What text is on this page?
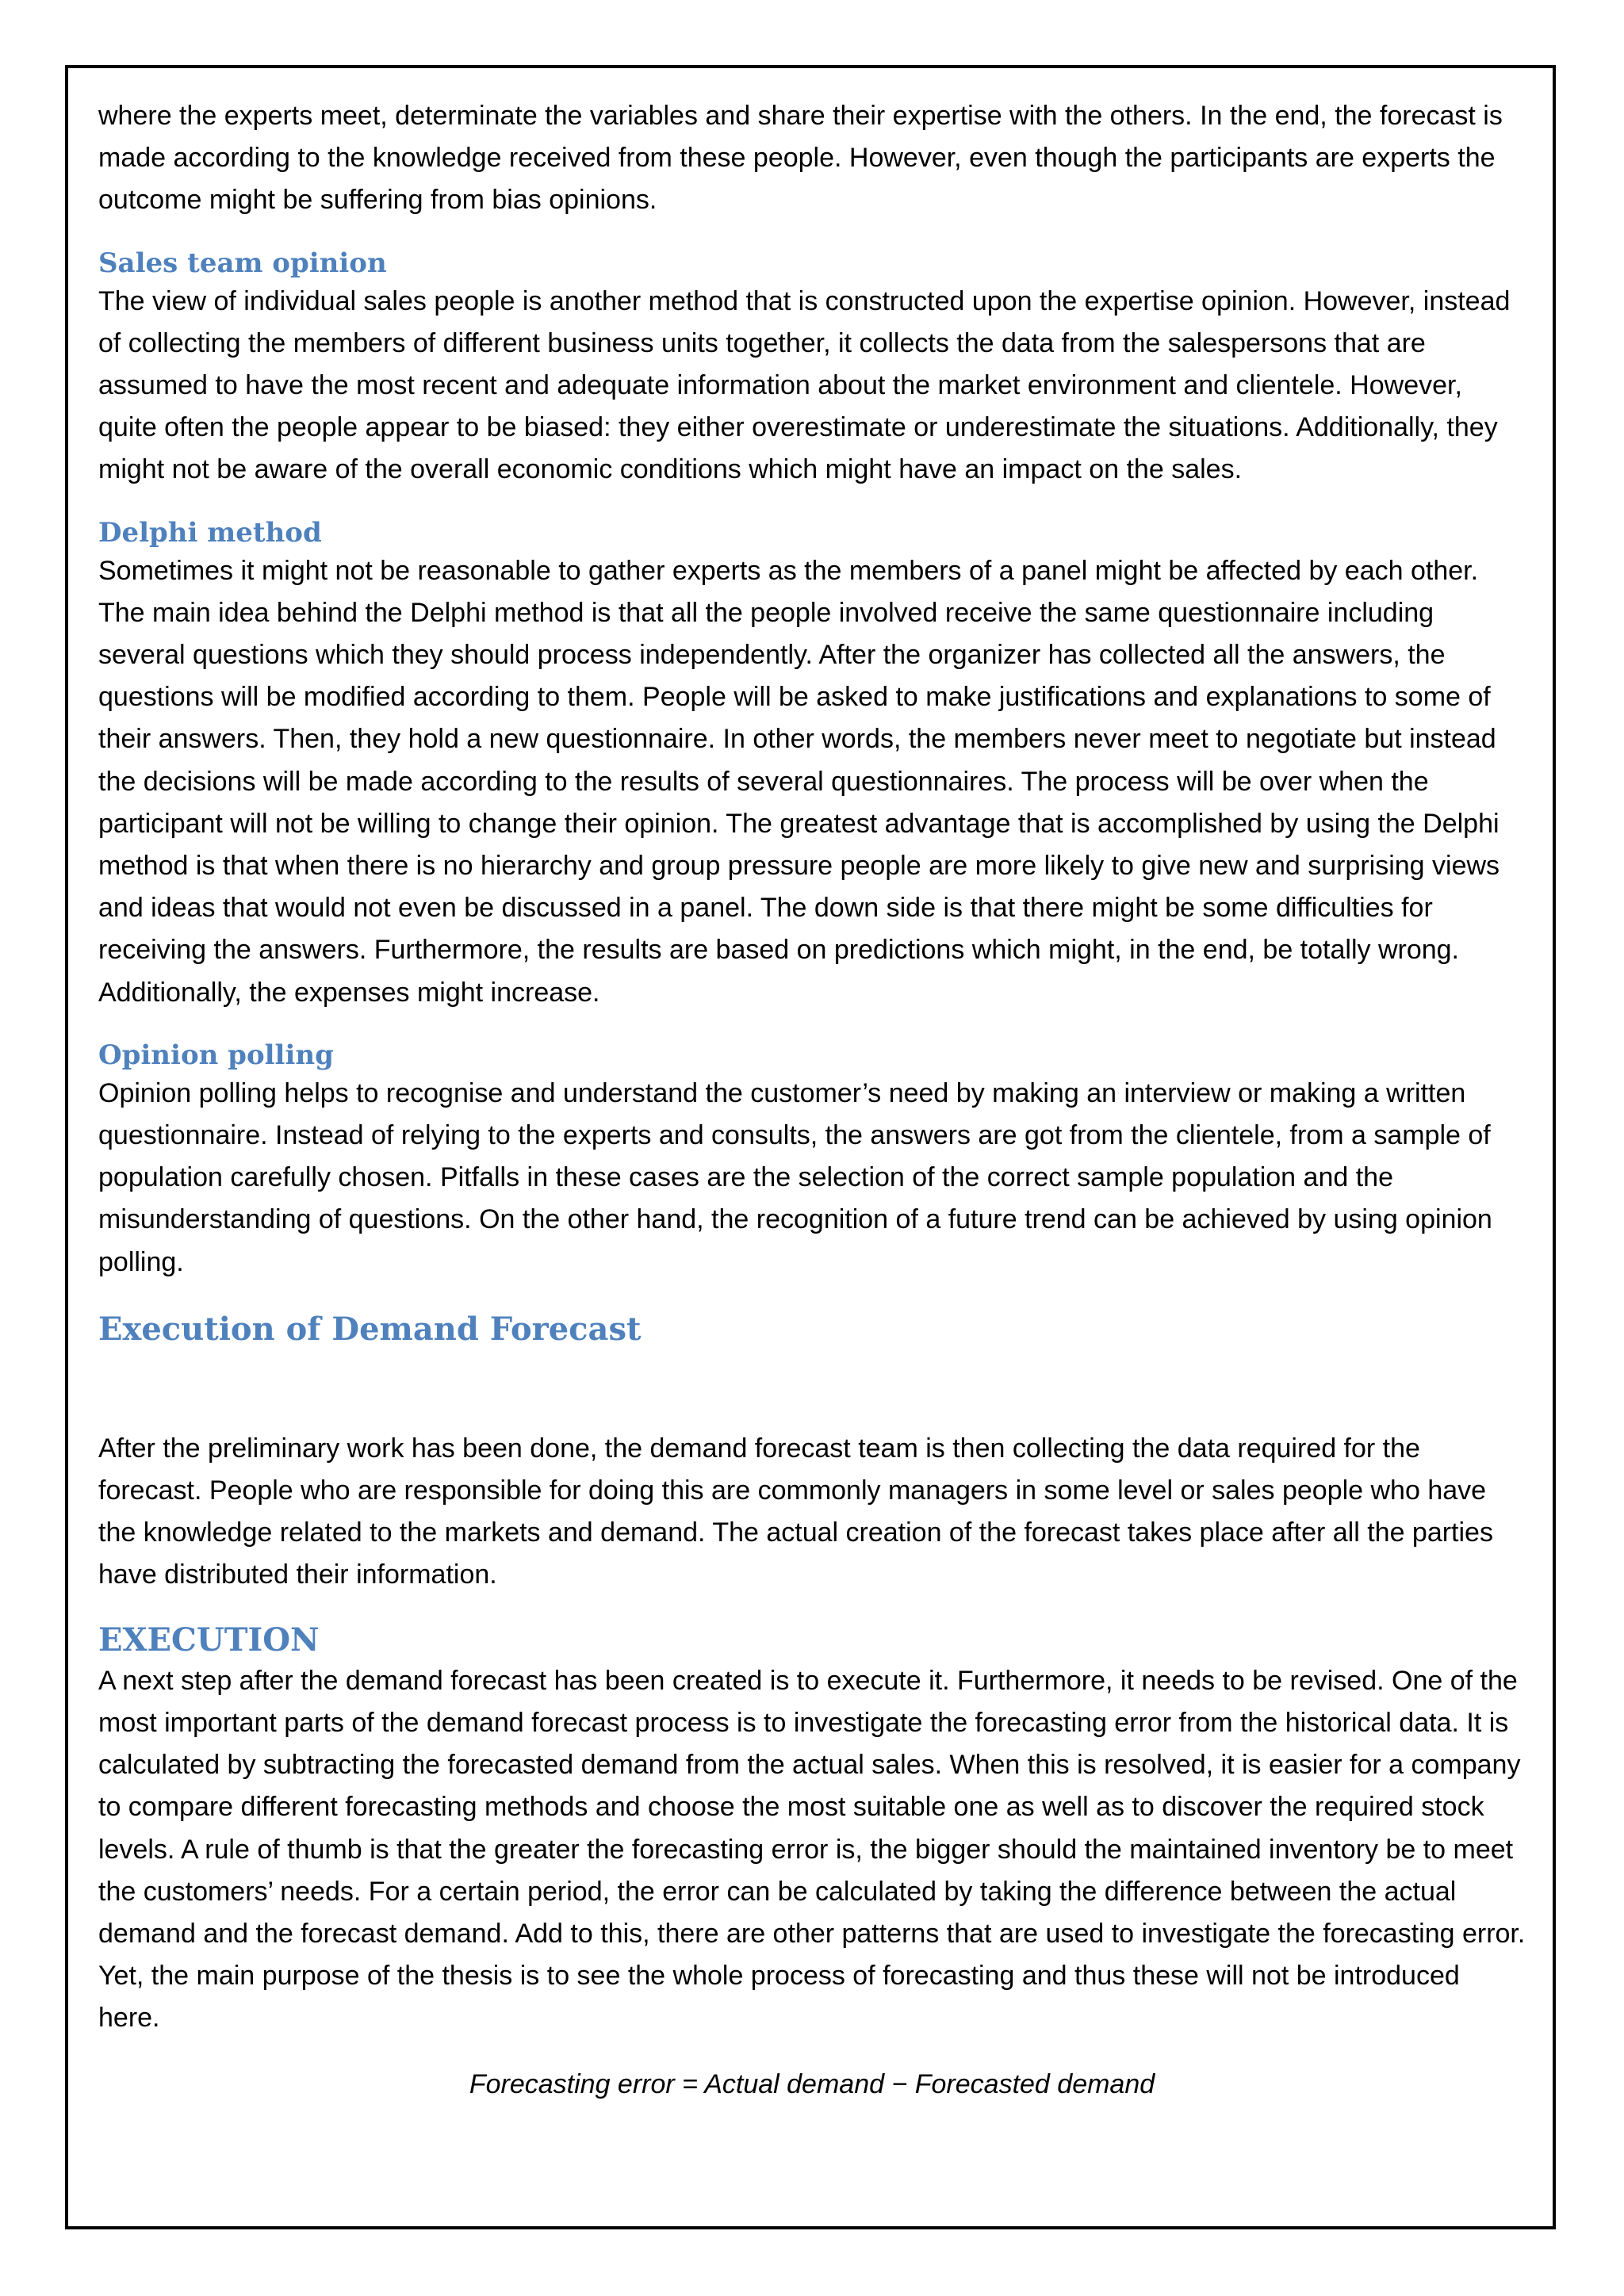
where the experts meet, determinate the variables and share their expertise with the others. In the end, the forecast is made according to the knowledge received from these people. However, even though the participants are experts the outcome might be suffering from bias opinions.

Sales team opinion

The view of individual sales people is another method that is constructed upon the expertise opinion. However, instead of collecting the members of different business units together, it collects the data from the salespersons that are assumed to have the most recent and adequate information about the market environment and clientele. However, quite often the people appear to be biased: they either overestimate or underestimate the situations. Additionally, they might not be aware of the overall economic conditions which might have an impact on the sales.

Delphi method

Sometimes it might not be reasonable to gather experts as the members of a panel might be affected by each other. The main idea behind the Delphi method is that all the people involved receive the same questionnaire including several questions which they should process independently. After the organizer has collected all the answers, the questions will be modified according to them. People will be asked to make justifications and explanations to some of their answers. Then, they hold a new questionnaire. In other words, the members never meet to negotiate but instead the decisions will be made according to the results of several questionnaires. The process will be over when the participant will not be willing to change their opinion. The greatest advantage that is accomplished by using the Delphi method is that when there is no hierarchy and group pressure people are more likely to give new and surprising views and ideas that would not even be discussed in a panel. The down side is that there might be some difficulties for receiving the answers. Furthermore, the results are based on predictions which might, in the end, be totally wrong. Additionally, the expenses might increase.

Opinion polling

Opinion polling helps to recognise and understand the customer’s need by making an interview or making a written questionnaire. Instead of relying to the experts and consults, the answers are got from the clientele, from a sample of population carefully chosen. Pitfalls in these cases are the selection of the correct sample population and the misunderstanding of questions. On the other hand, the recognition of a future trend can be achieved by using opinion polling.

Execution of Demand Forecast

After the preliminary work has been done, the demand forecast team is then collecting the data required for the forecast. People who are responsible for doing this are commonly managers in some level or sales people who have the knowledge related to the markets and demand. The actual creation of the forecast takes place after all the parties have distributed their information.

EXECUTION

A next step after the demand forecast has been created is to execute it. Furthermore, it needs to be revised. One of the most important parts of the demand forecast process is to investigate the forecasting error from the historical data. It is calculated by subtracting the forecasted demand from the actual sales. When this is resolved, it is easier for a company to compare different forecasting methods and choose the most suitable one as well as to discover the required stock levels. A rule of thumb is that the greater the forecasting error is, the bigger should the maintained inventory be to meet the customers’ needs. For a certain period, the error can be calculated by taking the difference between the actual demand and the forecast demand. Add to this, there are other patterns that are used to investigate the forecasting error. Yet, the main purpose of the thesis is to see the whole process of forecasting and thus these will not be introduced here.

Forecasting error = Actual demand − Forecasted demand
